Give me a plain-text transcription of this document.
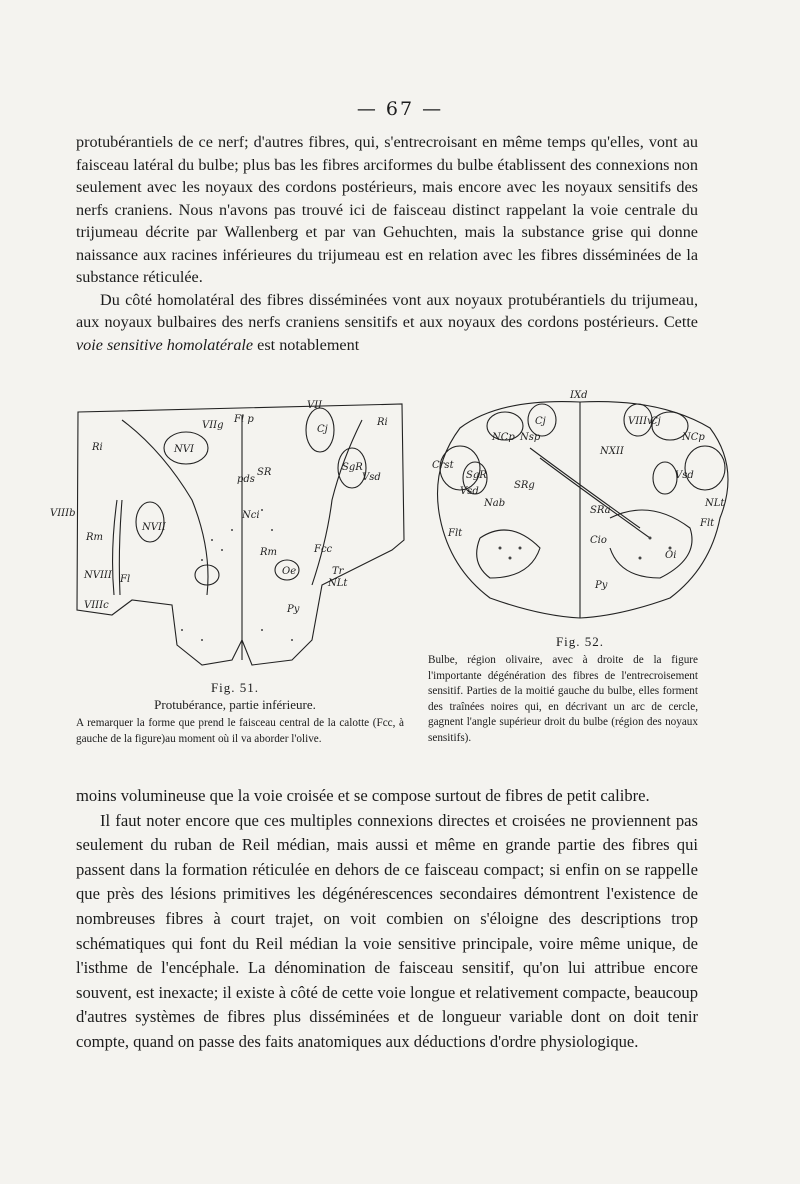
— 67 —

protubérantiels de ce nerf; d'autres fibres, qui, s'entrecroisant en même temps qu'elles, vont au faisceau latéral du bulbe; plus bas les fibres arciformes du bulbe établissent des connexions non seulement avec les noyaux des cordons postérieurs, mais encore avec les noyaux sensitifs des nerfs craniens. Nous n'avons pas trouvé ici de faisceau distinct rappelant la voie centrale du trijumeau décrite par Wallenberg et par van Gehuchten, mais la substance grise qui donne naissance aux racines inférieures du trijumeau est en relation avec les fibres disséminées de la substance réticulée.

Du côté homolatéral des fibres disséminées vont aux noyaux protubérantiels du trijumeau, aux noyaux bulbaires des nerfs craniens sensitifs et aux noyaux des cordons postérieurs. Cette voie sensitive homolatérale est notablement

VIIg
Fl p
VII
Ri	NVI
Cj
SR	SgR
Ri
Vsd
pds
VIIIb	Nci
Rm
NVII
Rm	Fcc
NVIII Fl
Oe	Tr
NLt
VIIIc	Py
IXd
Cj
NCp Nsp
NXII
VIIIv
Cj
NCp
Crst
SgR
Vsd
SRg
Vsd
Nab
SRa
Flt
NLt
Flt
Cio
Oi
Py
Fig. 51.
Protubérance, partie inférieure.
A remarquer la forme que prend le faisceau central de la calotte (Fcc, à gauche de la figure)au moment où il va aborder l'olive.
Fig. 52.
Bulbe, région olivaire, avec à droite de la figure l'importante dégénération des fibres de l'entrecroisement sensitif. Parties de la moitié gauche du bulbe, elles forment des traînées noires qui, en décrivant un arc de cercle, gagnent l'angle supérieur droit du bulbe (région des noyaux sensitifs).

moins volumineuse que la voie croisée et se compose surtout de fibres de petit calibre.

Il faut noter encore que ces multiples connexions directes et croisées ne proviennent pas seulement du ruban de Reil médian, mais aussi et même en grande partie des fibres qui passent dans la formation réticulée en dehors de ce faisceau compact; si enfin on se rappelle que près des lésions primitives les dégénérescences secondaires démontrent l'existence de nombreuses fibres à court trajet, on voit combien on s'éloigne des descriptions trop schématiques qui font du Reil médian la voie sensitive principale, voire même unique, de l'isthme de l'encéphale. La dénomination de faisceau sensitif, qu'on lui attribue encore souvent, est inexacte; il existe à côté de cette voie longue et relativement compacte, beaucoup d'autres systèmes de fibres plus disséminées et de longueur variable dont on doit tenir compte, quand on passe des faits anatomiques aux déductions d'ordre physiologique.
